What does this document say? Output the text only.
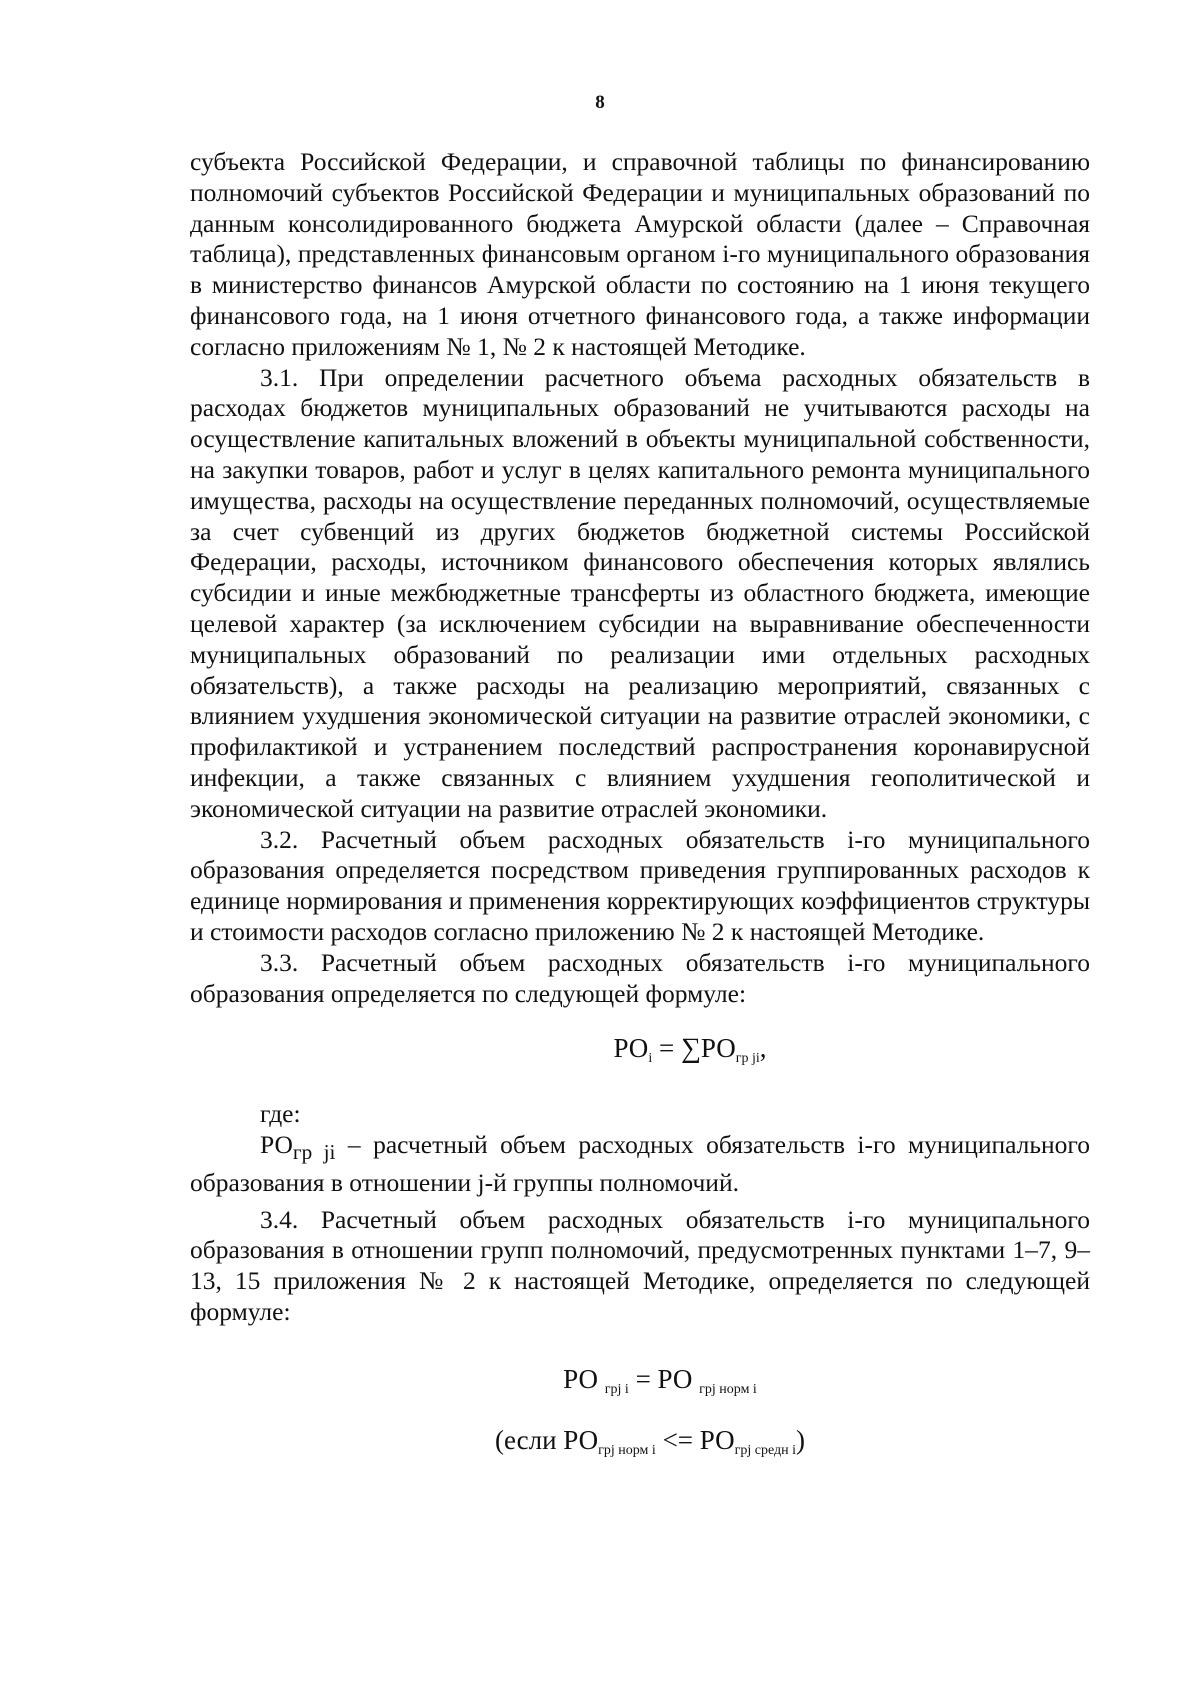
8

субъекта Российской Федерации, и справочной таблицы по финансированию полномочий субъектов Российской Федерации и муниципальных образований по данным консолидированного бюджета Амурской области (далее – Справочная таблица), представленных финансовым органом i-го муниципального образования в министерство финансов Амурской области по состоянию на 1 июня текущего финансового года, на 1 июня отчетного финансового года, а также информации согласно приложениям № 1, № 2 к настоящей Методике.

3.1. При определении расчетного объема расходных обязательств в расходах бюджетов муниципальных образований не учитываются расходы на осуществление капитальных вложений в объекты муниципальной собственности, на закупки товаров, работ и услуг в целях капитального ремонта муниципального имущества, расходы на осуществление переданных полномочий, осуществляемые за счет субвенций из других бюджетов бюджетной системы Российской Федерации, расходы, источником финансового обеспечения которых являлись субсидии и иные межбюджетные трансферты из областного бюджета, имеющие целевой характер (за исключением субсидии на выравнивание обеспеченности муниципальных образований по реализации ими отдельных расходных обязательств), а также расходы на реализацию мероприятий, связанных с влиянием ухудшения экономической ситуации на развитие отраслей экономики, с профилактикой и устранением последствий распространения коронавирусной инфекции, а также связанных с влиянием ухудшения геополитической и экономической ситуации на развитие отраслей экономики.

3.2. Расчетный объем расходных обязательств i-го муниципального образования определяется посредством приведения группированных расходов к единице нормирования и применения корректирующих коэффициентов структуры и стоимости расходов согласно приложению № 2 к настоящей Методике.

3.3. Расчетный объем расходных обязательств i-го муниципального образования определяется по следующей формуле:

$РО_i = \sum РО_{гр ji}$,

где:

$РО_{гр ji}$ – расчетный объем расходных обязательств i-го муниципального образования в отношении j-й группы полномочий.

3.4. Расчетный объем расходных обязательств i-го муниципального образования в отношении групп полномочий, предусмотренных пунктами 1–7, 9–13, 15 приложения № 2 к настоящей Методике, определяется по следующей формуле:

РО $_{грj i}$ = РО $_{грj норм i}$
(если $РО_{грj норм i} <= РО_{грj средн i}$)
